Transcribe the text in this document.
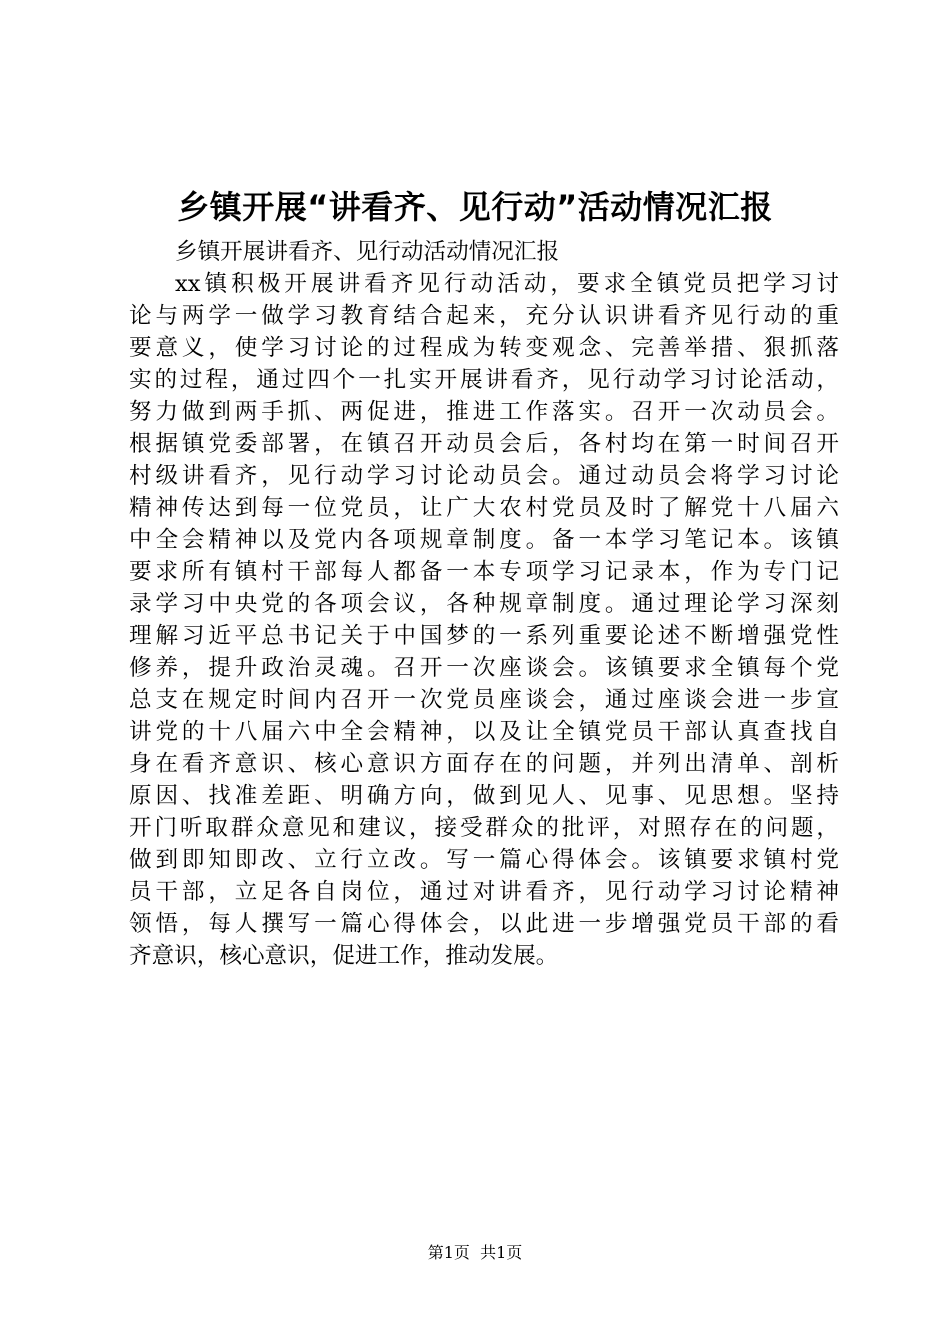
乡镇开展“讲看齐、见行动”活动情况汇报
乡镇开展讲看齐、见行动活动情况汇报
xx镇积极开展讲看齐见行动活动，要求全镇党员把学习讨
论与两学一做学习教育结合起来，充分认识讲看齐见行动的重
要意义，使学习讨论的过程成为转变观念、完善举措、狠抓落
实的过程，通过四个一扎实开展讲看齐，见行动学习讨论活动，
努力做到两手抓、两促进，推进工作落实。召开一次动员会。
根据镇党委部署，在镇召开动员会后，各村均在第一时间召开
村级讲看齐，见行动学习讨论动员会。通过动员会将学习讨论
精神传达到每一位党员，让广大农村党员及时了解党十八届六
中全会精神以及党内各项规章制度。备一本学习笔记本。该镇
要求所有镇村干部每人都备一本专项学习记录本，作为专门记
录学习中央党的各项会议，各种规章制度。通过理论学习深刻
理解习近平总书记关于中国梦的一系列重要论述不断增强党性
修养，提升政治灵魂。召开一次座谈会。该镇要求全镇每个党
总支在规定时间内召开一次党员座谈会，通过座谈会进一步宣
讲党的十八届六中全会精神，以及让全镇党员干部认真查找自
身在看齐意识、核心意识方面存在的问题，并列出清单、剖析
原因、找准差距、明确方向，做到见人、见事、见思想。坚持
开门听取群众意见和建议，接受群众的批评，对照存在的问题，
做到即知即改、立行立改。写一篇心得体会。该镇要求镇村党
员干部，立足各自岗位，通过对讲看齐，见行动学习讨论精神
领悟，每人撰写一篇心得体会，以此进一步增强党员干部的看
齐意识，核心意识，促进工作，推动发展。
第1页  共1页
